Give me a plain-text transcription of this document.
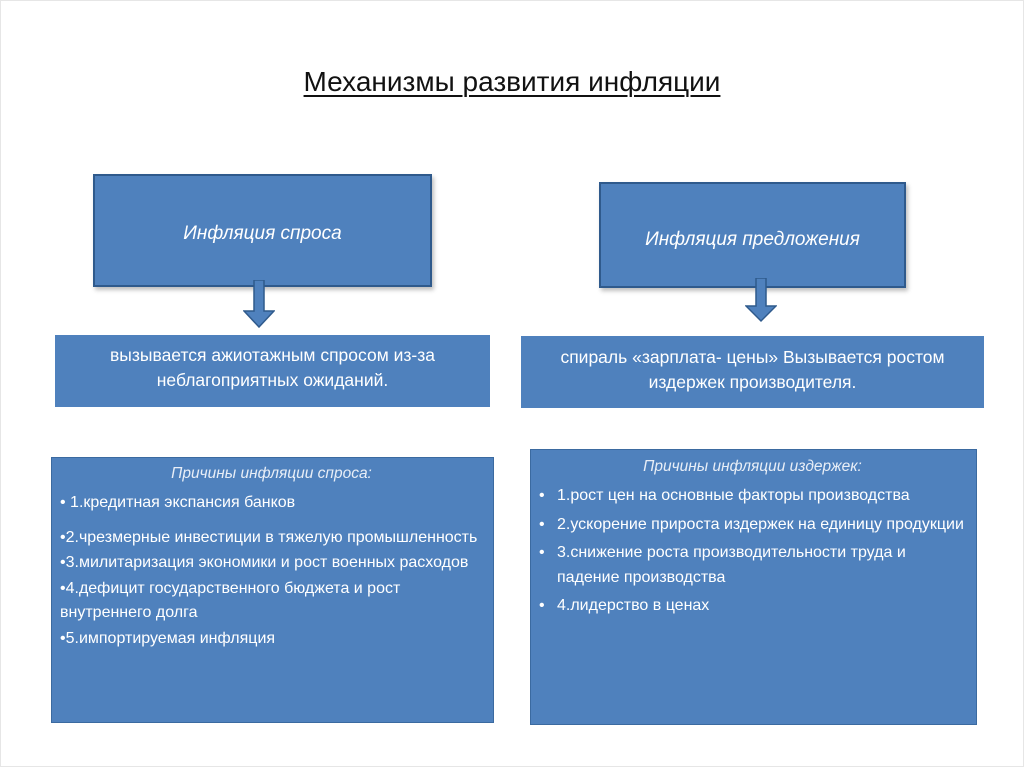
Механизмы развития инфляции
Инфляция спроса	Инфляция предложения
вызывается ажиотажным спросом из-за неблагоприятных ожиданий.
спираль «зарплата- цены» Вызывается ростом издержек производителя.
Причины инфляции спроса:
• 1.кредитная экспансия банков
•2.чрезмерные инвестиции в тяжелую промышленность
•3.милитаризация экономики и рост военных расходов
•4.дефицит государственного бюджета и рост внутреннего долга
•5.импортируемая инфляция
Причины инфляции издержек:
• 1.рост цен на основные факторы производства
• 2.ускорение прироста издержек на единицу продукции
• 3.снижение роста производительности труда и падение производства
• 4.лидерство в ценах
